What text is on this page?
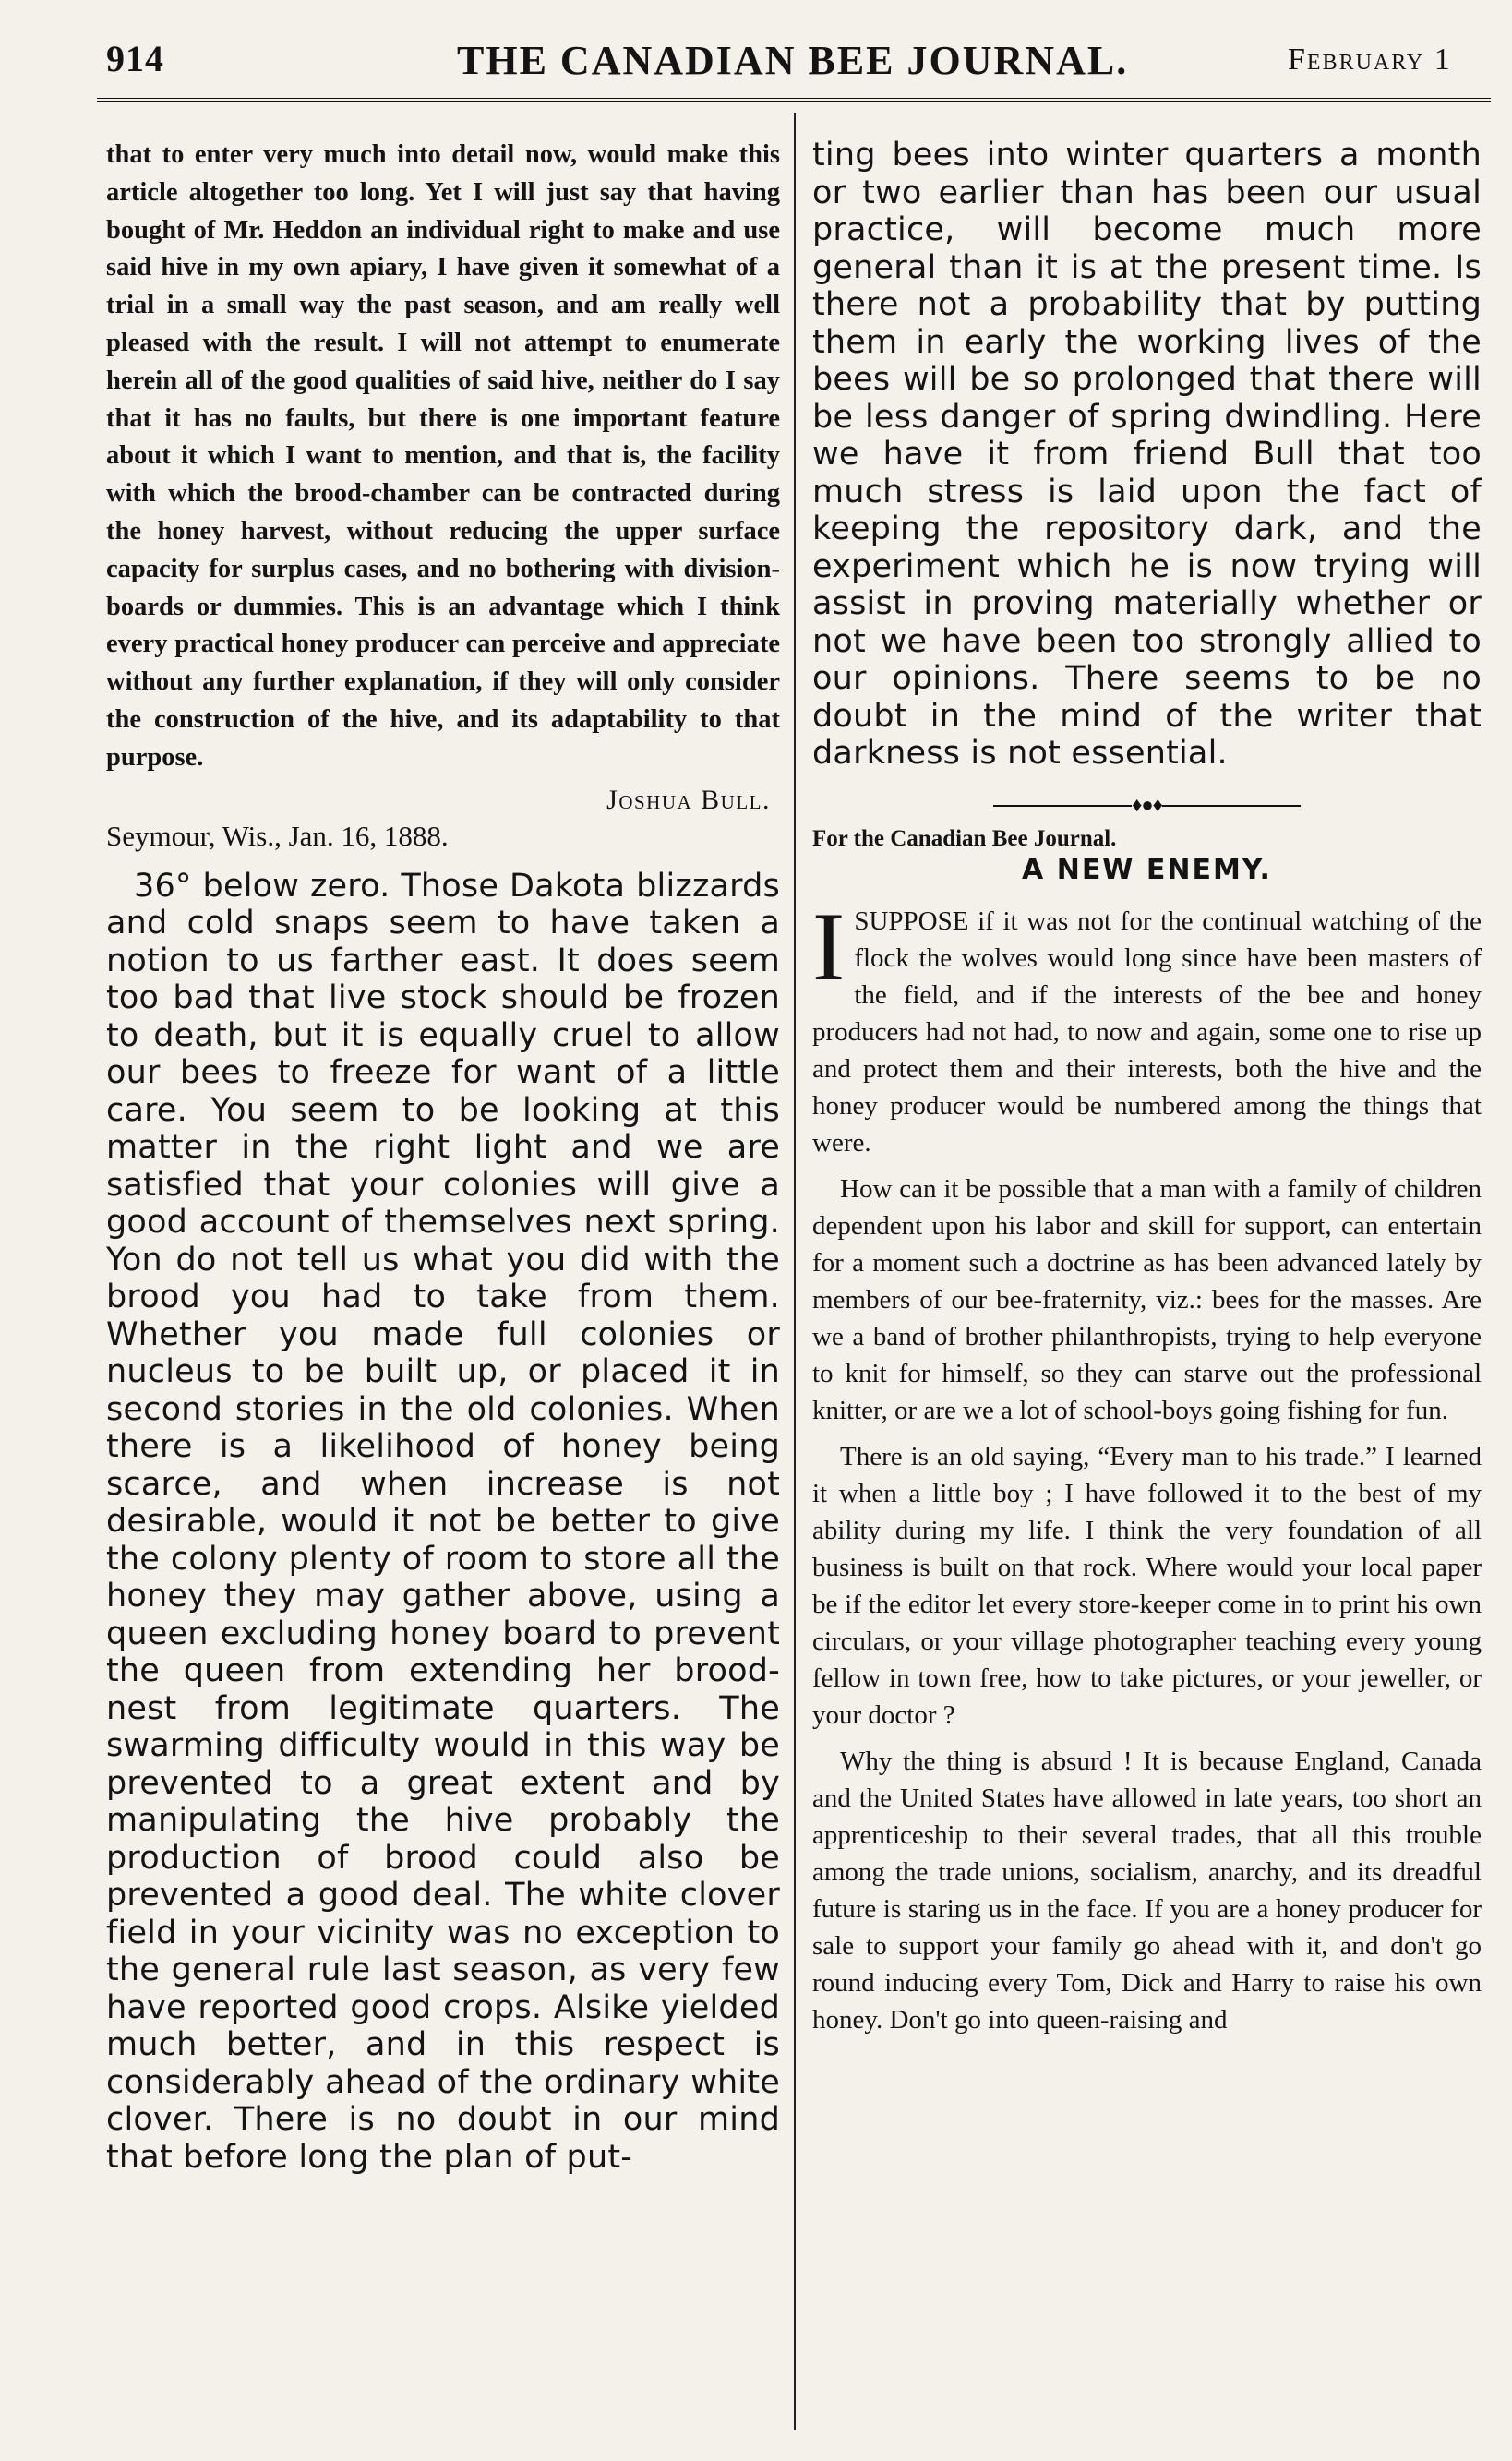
914	THE CANADIAN BEE JOURNAL.	February 1

that to enter very much into detail now, would make this article altogether too long. Yet I will just say that having bought of Mr. Heddon an individual right to make and use said hive in my own apiary, I have given it somewhat of a trial in a small way the past season, and am really well pleased with the result. I will not attempt to enumerate herein all of the good qualities of said hive, neither do I say that it has no faults, but there is one important feature about it which I want to mention, and that is, the facility with which the brood-chamber can be contracted during the honey harvest, without reducing the upper surface capacity for surplus cases, and no bothering with division-boards or dummies. This is an advantage which I think every practical honey producer can perceive and appreciate without any further explanation, if they will only consider the construction of the hive, and its adaptability to that purpose.

Joshua Bull.

Seymour, Wis., Jan. 16, 1888.

36° below zero. Those Dakota blizzards and cold snaps seem to have taken a notion to us farther east. It does seem too bad that live stock should be frozen to death, but it is equally cruel to allow our bees to freeze for want of a little care. You seem to be looking at this matter in the right light and we are satisfied that your colonies will give a good account of themselves next spring. Yon do not tell us what you did with the brood you had to take from them. Whether you made full colonies or nucleus to be built up, or placed it in second stories in the old colonies. When there is a likelihood of honey being scarce, and when increase is not desirable, would it not be better to give the colony plenty of room to store all the honey they may gather above, using a queen excluding honey board to prevent the queen from extending her brood-nest from legitimate quarters. The swarming difficulty would in this way be prevented to a great extent and by manipulating the hive probably the production of brood could also be prevented a good deal. The white clover field in your vicinity was no exception to the general rule last season, as very few have reported good crops. Alsike yielded much better, and in this respect is considerably ahead of the ordinary white clover. There is no doubt in our mind that before long the plan of put-

ting bees into winter quarters a month or two earlier than has been our usual practice, will become much more general than it is at the present time. Is there not a probability that by putting them in early the working lives of the bees will be so prolonged that there will be less danger of spring dwindling. Here we have it from friend Bull that too much stress is laid upon the fact of keeping the repository dark, and the experiment which he is now trying will assist in proving materially whether or not we have been too strongly allied to our opinions. There seems to be no doubt in the mind of the writer that darkness is not essential.

♦●♦

For the Canadian Bee Journal.

A NEW ENEMY.

I SUPPOSE if it was not for the continual watching of the flock the wolves would long since have been masters of the field, and if the interests of the bee and honey producers had not had, to now and again, some one to rise up and protect them and their interests, both the hive and the honey producer would be numbered among the things that were.

How can it be possible that a man with a family of children dependent upon his labor and skill for support, can entertain for a moment such a doctrine as has been advanced lately by members of our bee-fraternity, viz.: bees for the masses. Are we a band of brother philanthropists, trying to help everyone to knit for himself, so they can starve out the professional knitter, or are we a lot of school-boys going fishing for fun.

There is an old saying, “Every man to his trade.” I learned it when a little boy ; I have followed it to the best of my ability during my life. I think the very foundation of all business is built on that rock. Where would your local paper be if the editor let every store-keeper come in to print his own circulars, or your village photographer teaching every young fellow in town free, how to take pictures, or your jeweller, or your doctor ?

Why the thing is absurd ! It is because England, Canada and the United States have allowed in late years, too short an apprenticeship to their several trades, that all this trouble among the trade unions, socialism, anarchy, and its dreadful future is staring us in the face. If you are a honey producer for sale to support your family go ahead with it, and don't go round inducing every Tom, Dick and Harry to raise his own honey. Don't go into queen-raising and
